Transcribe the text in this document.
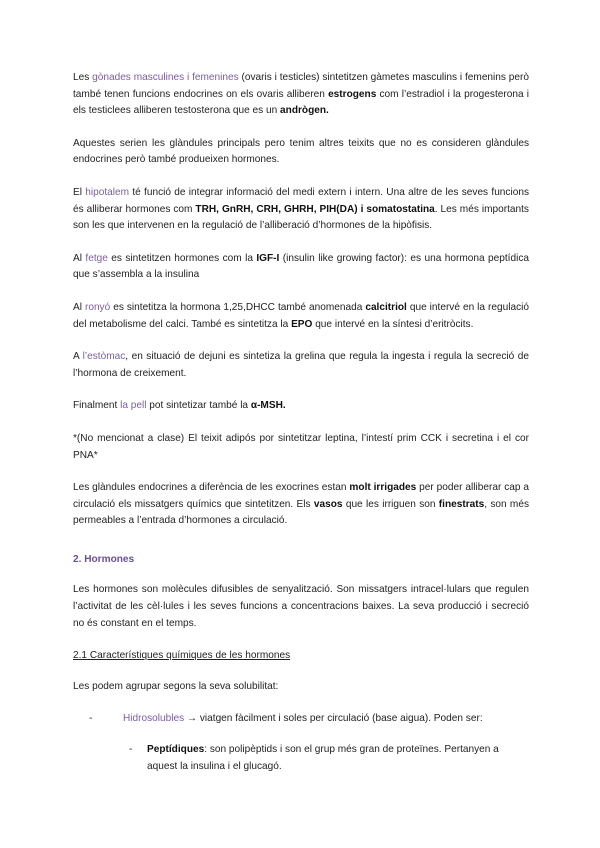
Les gònades masculines i femenines (ovaris i testicles) sintetitzen gàmetes masculins i femenins però també tenen funcions endocrines on els ovaris alliberen estrogens com l’estradiol i la progesterona i els testiclees alliberen testosterona que es un andrògen.

Aquestes serien les glàndules principals pero tenim altres teixits que no es consideren glàndules endocrines però també produeixen hormones.

El hipotalem té funció de integrar informació del medi extern i intern. Una altre de les seves funcions és alliberar hormones com TRH, GnRH, CRH, GHRH, PIH(DA) i somatostatina. Les més importants son les que intervenen en la regulació de l’alliberació d’hormones de la hipòfisis.

Al fetge es sintetitzen hormones com la IGF-I (insulin like growing factor): es una hormona peptídica que s’assembla a la insulina

Al ronyó es sintetitza la hormona 1,25,DHCC també anomenada calcitriol que intervé en la regulació del metabolisme del calci. També es sintetitza la EPO que intervé en la síntesi d’eritròcits.

A l’estòmac, en situació de dejuni es sintetiza la grelina que regula la ingesta i regula la secreció de l’hormona de creixement.

Finalment la pell pot sintetizar també la α-MSH.

*(No mencionat a clase) El teixit adipós por sintetitzar leptina, l’intestí prim CCK i secretina i el cor PNA*

Les glàndules endocrines a diferència de les exocrines estan molt irrigades per poder alliberar cap a circulació els missatgers químics que sintetitzen. Els vasos que les irriguen son finestrats, son més permeables a l’entrada d’hormones a circulació.

2. Hormones

Les hormones son molècules difusibles de senyalització. Son missatgers intracel·lulars que regulen l’activitat de les cèl·lules i les seves funcions a concentracions baixes. La seva producció i secreció no és constant en el temps.

2.1 Característiques químiques de les hormones

Les podem agrupar segons la seva solubilitat:

-	Hidrosolubles → viatgen fàcilment i soles per circulació (base aigua). Poden ser:
- Peptídiques: son polipèptids i son el grup més gran de proteïnes. Pertanyen a aquest la insulina i el glucagó.
